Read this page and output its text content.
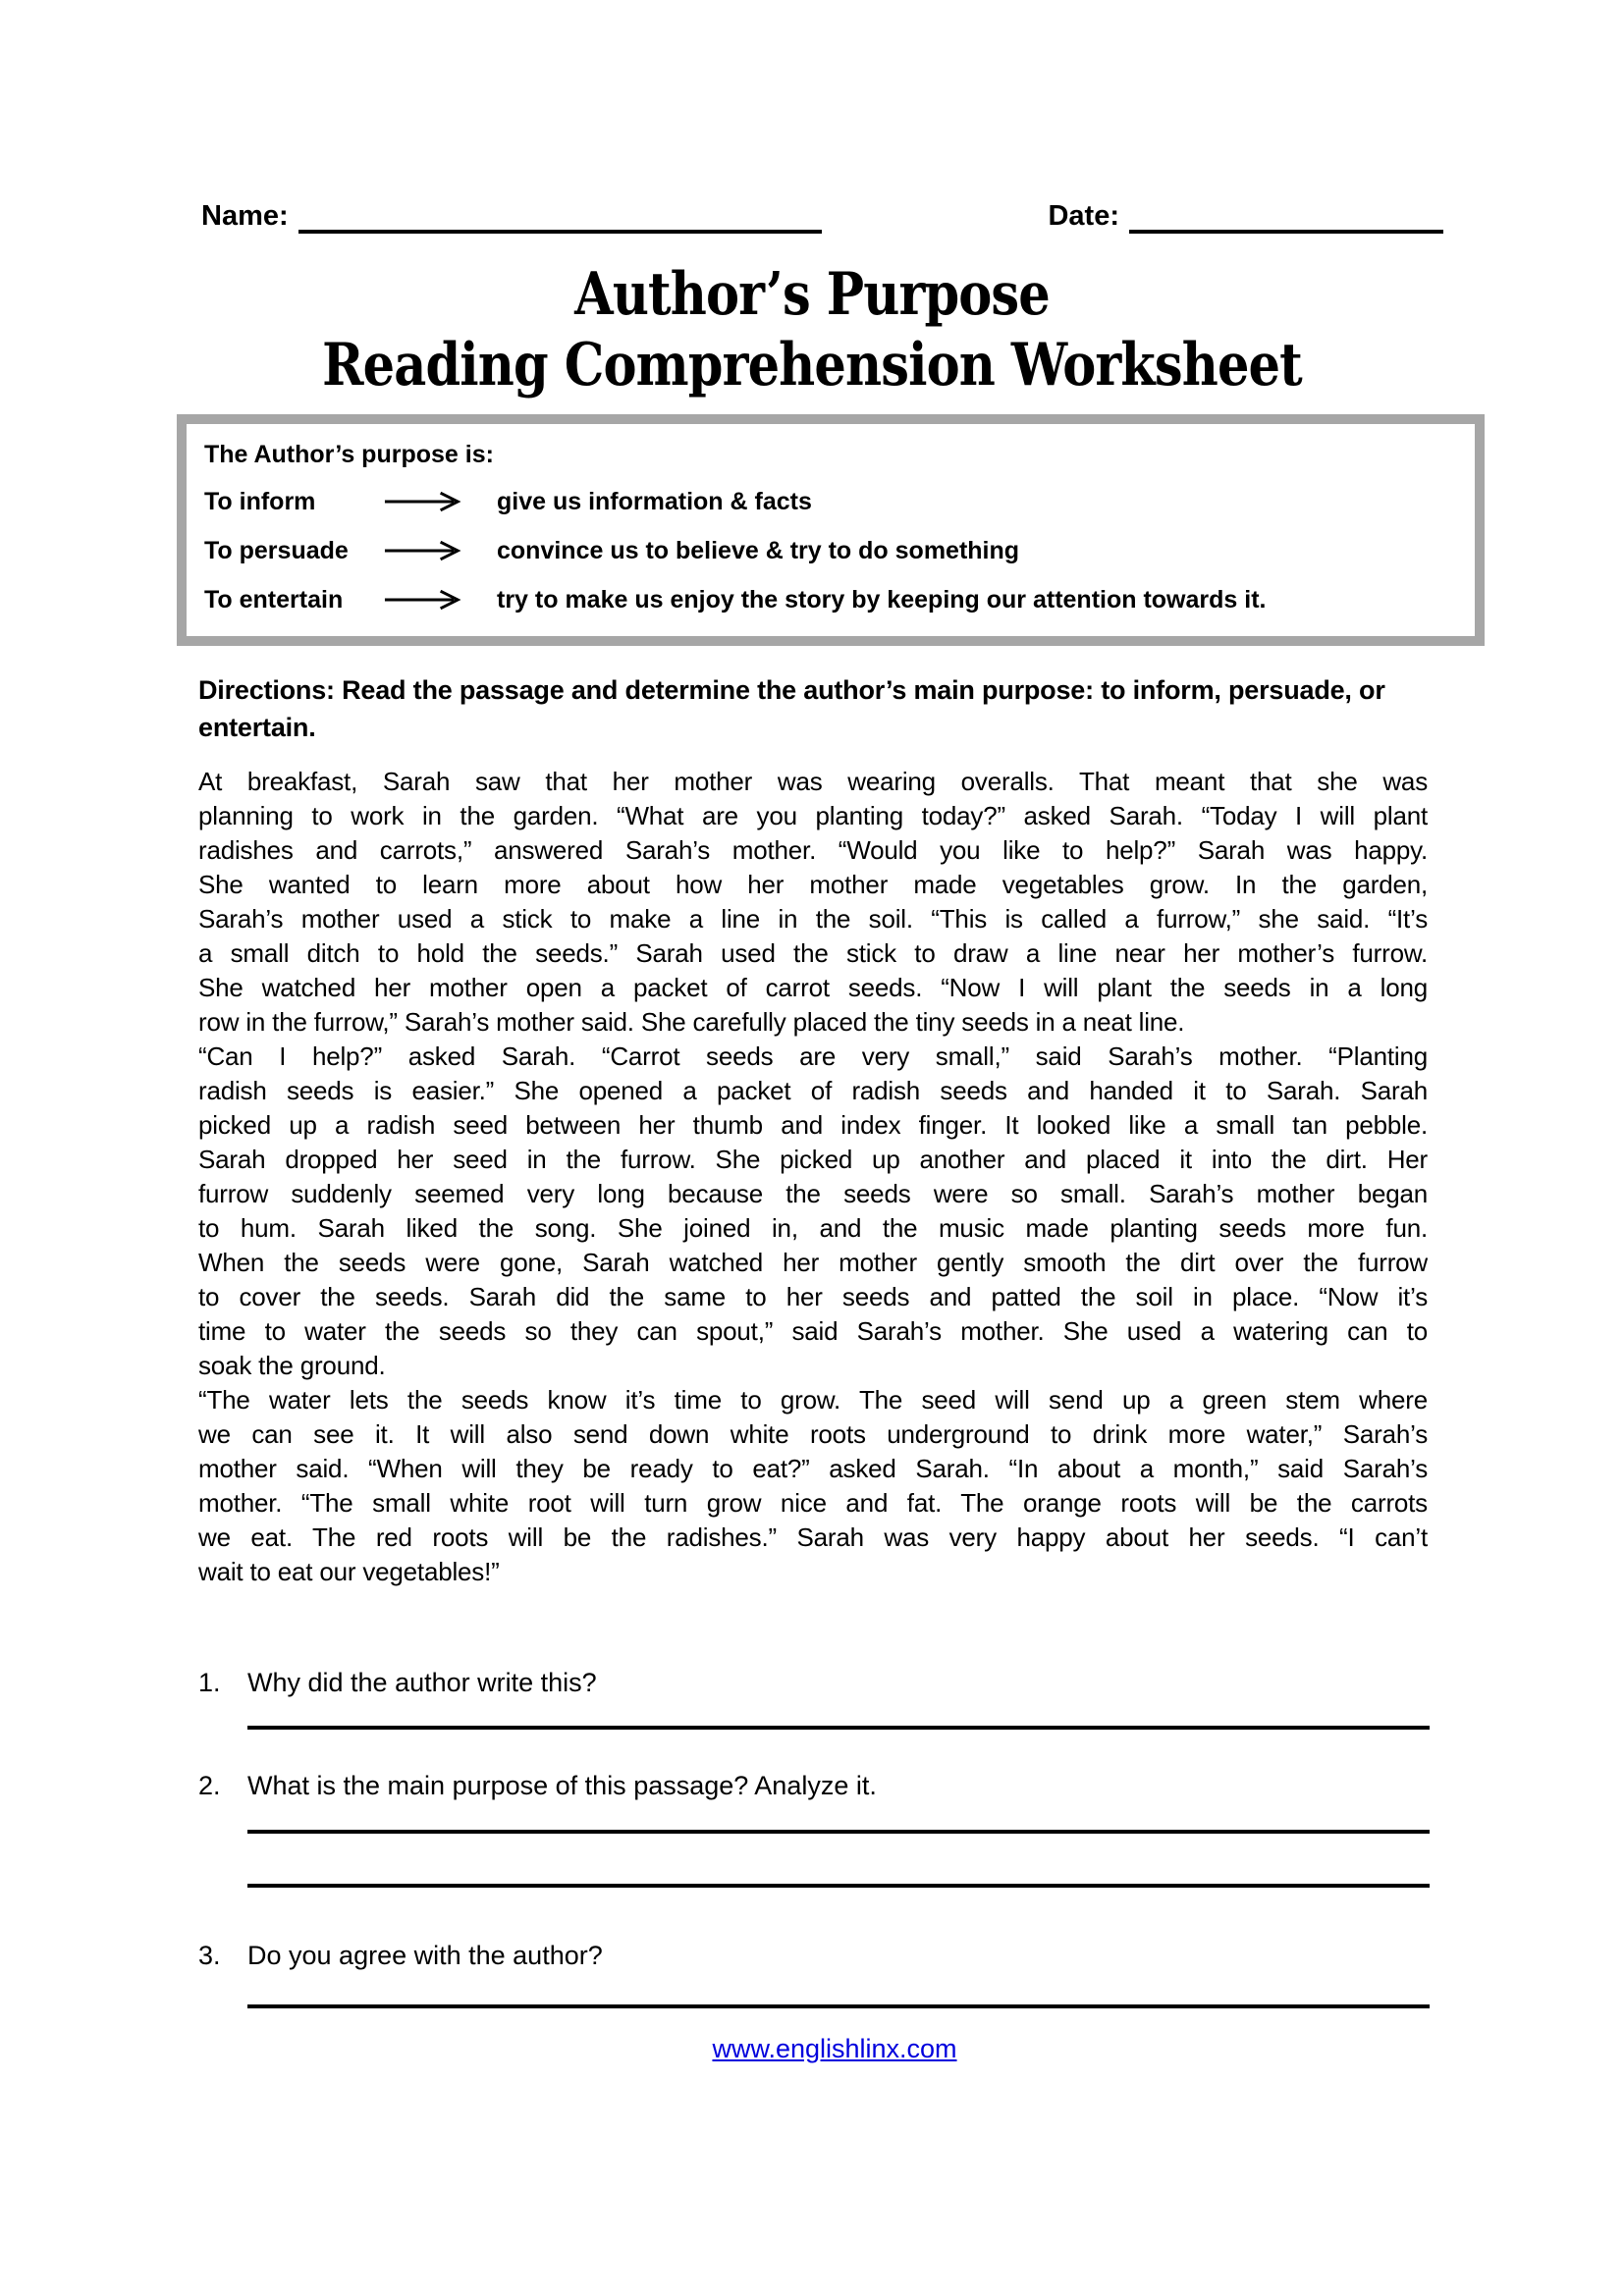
Name:	Date:
Author’s Purpose
Reading Comprehension Worksheet
The Author’s purpose is:
To inform	give us information & facts
To persuade	convince us to believe & try to do something
To entertain	try to make us enjoy the story by keeping our attention towards it.
Directions: Read the passage and determine the author’s main purpose: to inform, persuade, or entertain.
At breakfast, Sarah saw that her mother was wearing overalls. That meant that she was
planning to work in the garden. “What are you planting today?” asked Sarah. “Today I will plant
radishes and carrots,” answered Sarah’s mother. “Would you like to help?” Sarah was happy.
She wanted to learn more about how her mother made vegetables grow. In the garden,
Sarah’s mother used a stick to make a line in the soil. “This is called a furrow,” she said. “It’s
a small ditch to hold the seeds.” Sarah used the stick to draw a line near her mother’s furrow.
She watched her mother open a packet of carrot seeds. “Now I will plant the seeds in a long
row in the furrow,” Sarah’s mother said. She carefully placed the tiny seeds in a neat line.
“Can I help?” asked Sarah. “Carrot seeds are very small,” said Sarah’s mother. “Planting
radish seeds is easier.” She opened a packet of radish seeds and handed it to Sarah. Sarah
picked up a radish seed between her thumb and index finger. It looked like a small tan pebble.
Sarah dropped her seed in the furrow. She picked up another and placed it into the dirt. Her
furrow suddenly seemed very long because the seeds were so small. Sarah’s mother began
to hum. Sarah liked the song. She joined in, and the music made planting seeds more fun.
When the seeds were gone, Sarah watched her mother gently smooth the dirt over the furrow
to cover the seeds. Sarah did the same to her seeds and patted the soil in place. “Now it’s
time to water the seeds so they can spout,” said Sarah’s mother. She used a watering can to
soak the ground.
“The water lets the seeds know it’s time to grow. The seed will send up a green stem where
we can see it. It will also send down white roots underground to drink more water,” Sarah’s
mother said. “When will they be ready to eat?” asked Sarah. “In about a month,” said Sarah’s
mother. “The small white root will turn grow nice and fat. The orange roots will be the carrots
we eat. The red roots will be the radishes.” Sarah was very happy about her seeds. “I can’t
wait to eat our vegetables!”
1.	Why did the author write this?
2.	What is the main purpose of this passage? Analyze it.
3.	Do you agree with the author?
www.englishlinx.com
